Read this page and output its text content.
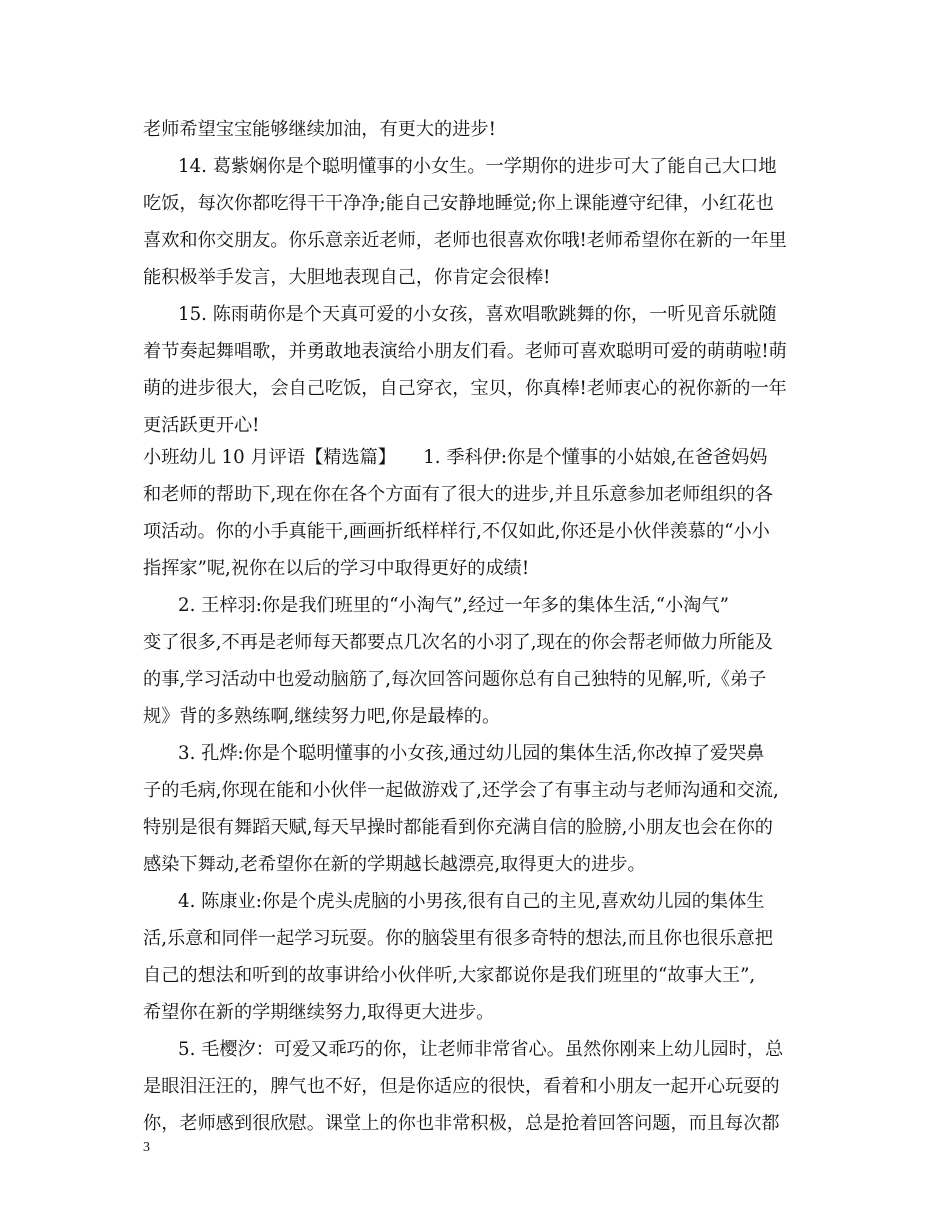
老师希望宝宝能够继续加油，有更大的进步!
14. 葛紫娴你是个聪明懂事的小女生。一学期你的进步可大了能自己大口地
吃饭，每次你都吃得干干净净;能自己安静地睡觉;你上课能遵守纪律，小红花也
喜欢和你交朋友。你乐意亲近老师，老师也很喜欢你哦!老师希望你在新的一年里
能积极举手发言，大胆地表现自己，你肯定会很棒!
15. 陈雨萌你是个天真可爱的小女孩，喜欢唱歌跳舞的你，一听见音乐就随
着节奏起舞唱歌，并勇敢地表演给小朋友们看。老师可喜欢聪明可爱的萌萌啦!萌
萌的进步很大，会自己吃饭，自己穿衣，宝贝，你真棒!老师衷心的祝你新的一年
更活跃更开心!
小班幼儿 10 月评语【精选篇】　　1. 季科伊:你是个懂事的小姑娘,在爸爸妈妈
和老师的帮助下,现在你在各个方面有了很大的进步,并且乐意参加老师组织的各
项活动。你的小手真能干,画画折纸样样行,不仅如此,你还是小伙伴羡慕的“小小
指挥家”呢,祝你在以后的学习中取得更好的成绩!
2. 王梓羽:你是我们班里的“小淘气”,经过一年多的集体生活,“小淘气”
变了很多,不再是老师每天都要点几次名的小羽了,现在的你会帮老师做力所能及
的事,学习活动中也爱动脑筋了,每次回答问题你总有自己独特的见解,听,《弟子
规》背的多熟练啊,继续努力吧,你是最棒的。
3. 孔烨:你是个聪明懂事的小女孩,通过幼儿园的集体生活,你改掉了爱哭鼻
子的毛病,你现在能和小伙伴一起做游戏了,还学会了有事主动与老师沟通和交流,
特别是很有舞蹈天赋,每天早操时都能看到你充满自信的脸膀,小朋友也会在你的
感染下舞动,老希望你在新的学期越长越漂亮,取得更大的进步。
4. 陈康业:你是个虎头虎脑的小男孩,很有自己的主见,喜欢幼儿园的集体生
活,乐意和同伴一起学习玩耍。你的脑袋里有很多奇特的想法,而且你也很乐意把
自己的想法和听到的故事讲给小伙伴听,大家都说你是我们班里的“故事大王”,
希望你在新的学期继续努力,取得更大进步。
5. 毛樱汐：可爱又乖巧的你，让老师非常省心。虽然你刚来上幼儿园时，总
是眼泪汪汪的，脾气也不好，但是你适应的很快，看着和小朋友一起开心玩耍的
你，老师感到很欣慰。课堂上的你也非常积极，总是抢着回答问题，而且每次都
3
